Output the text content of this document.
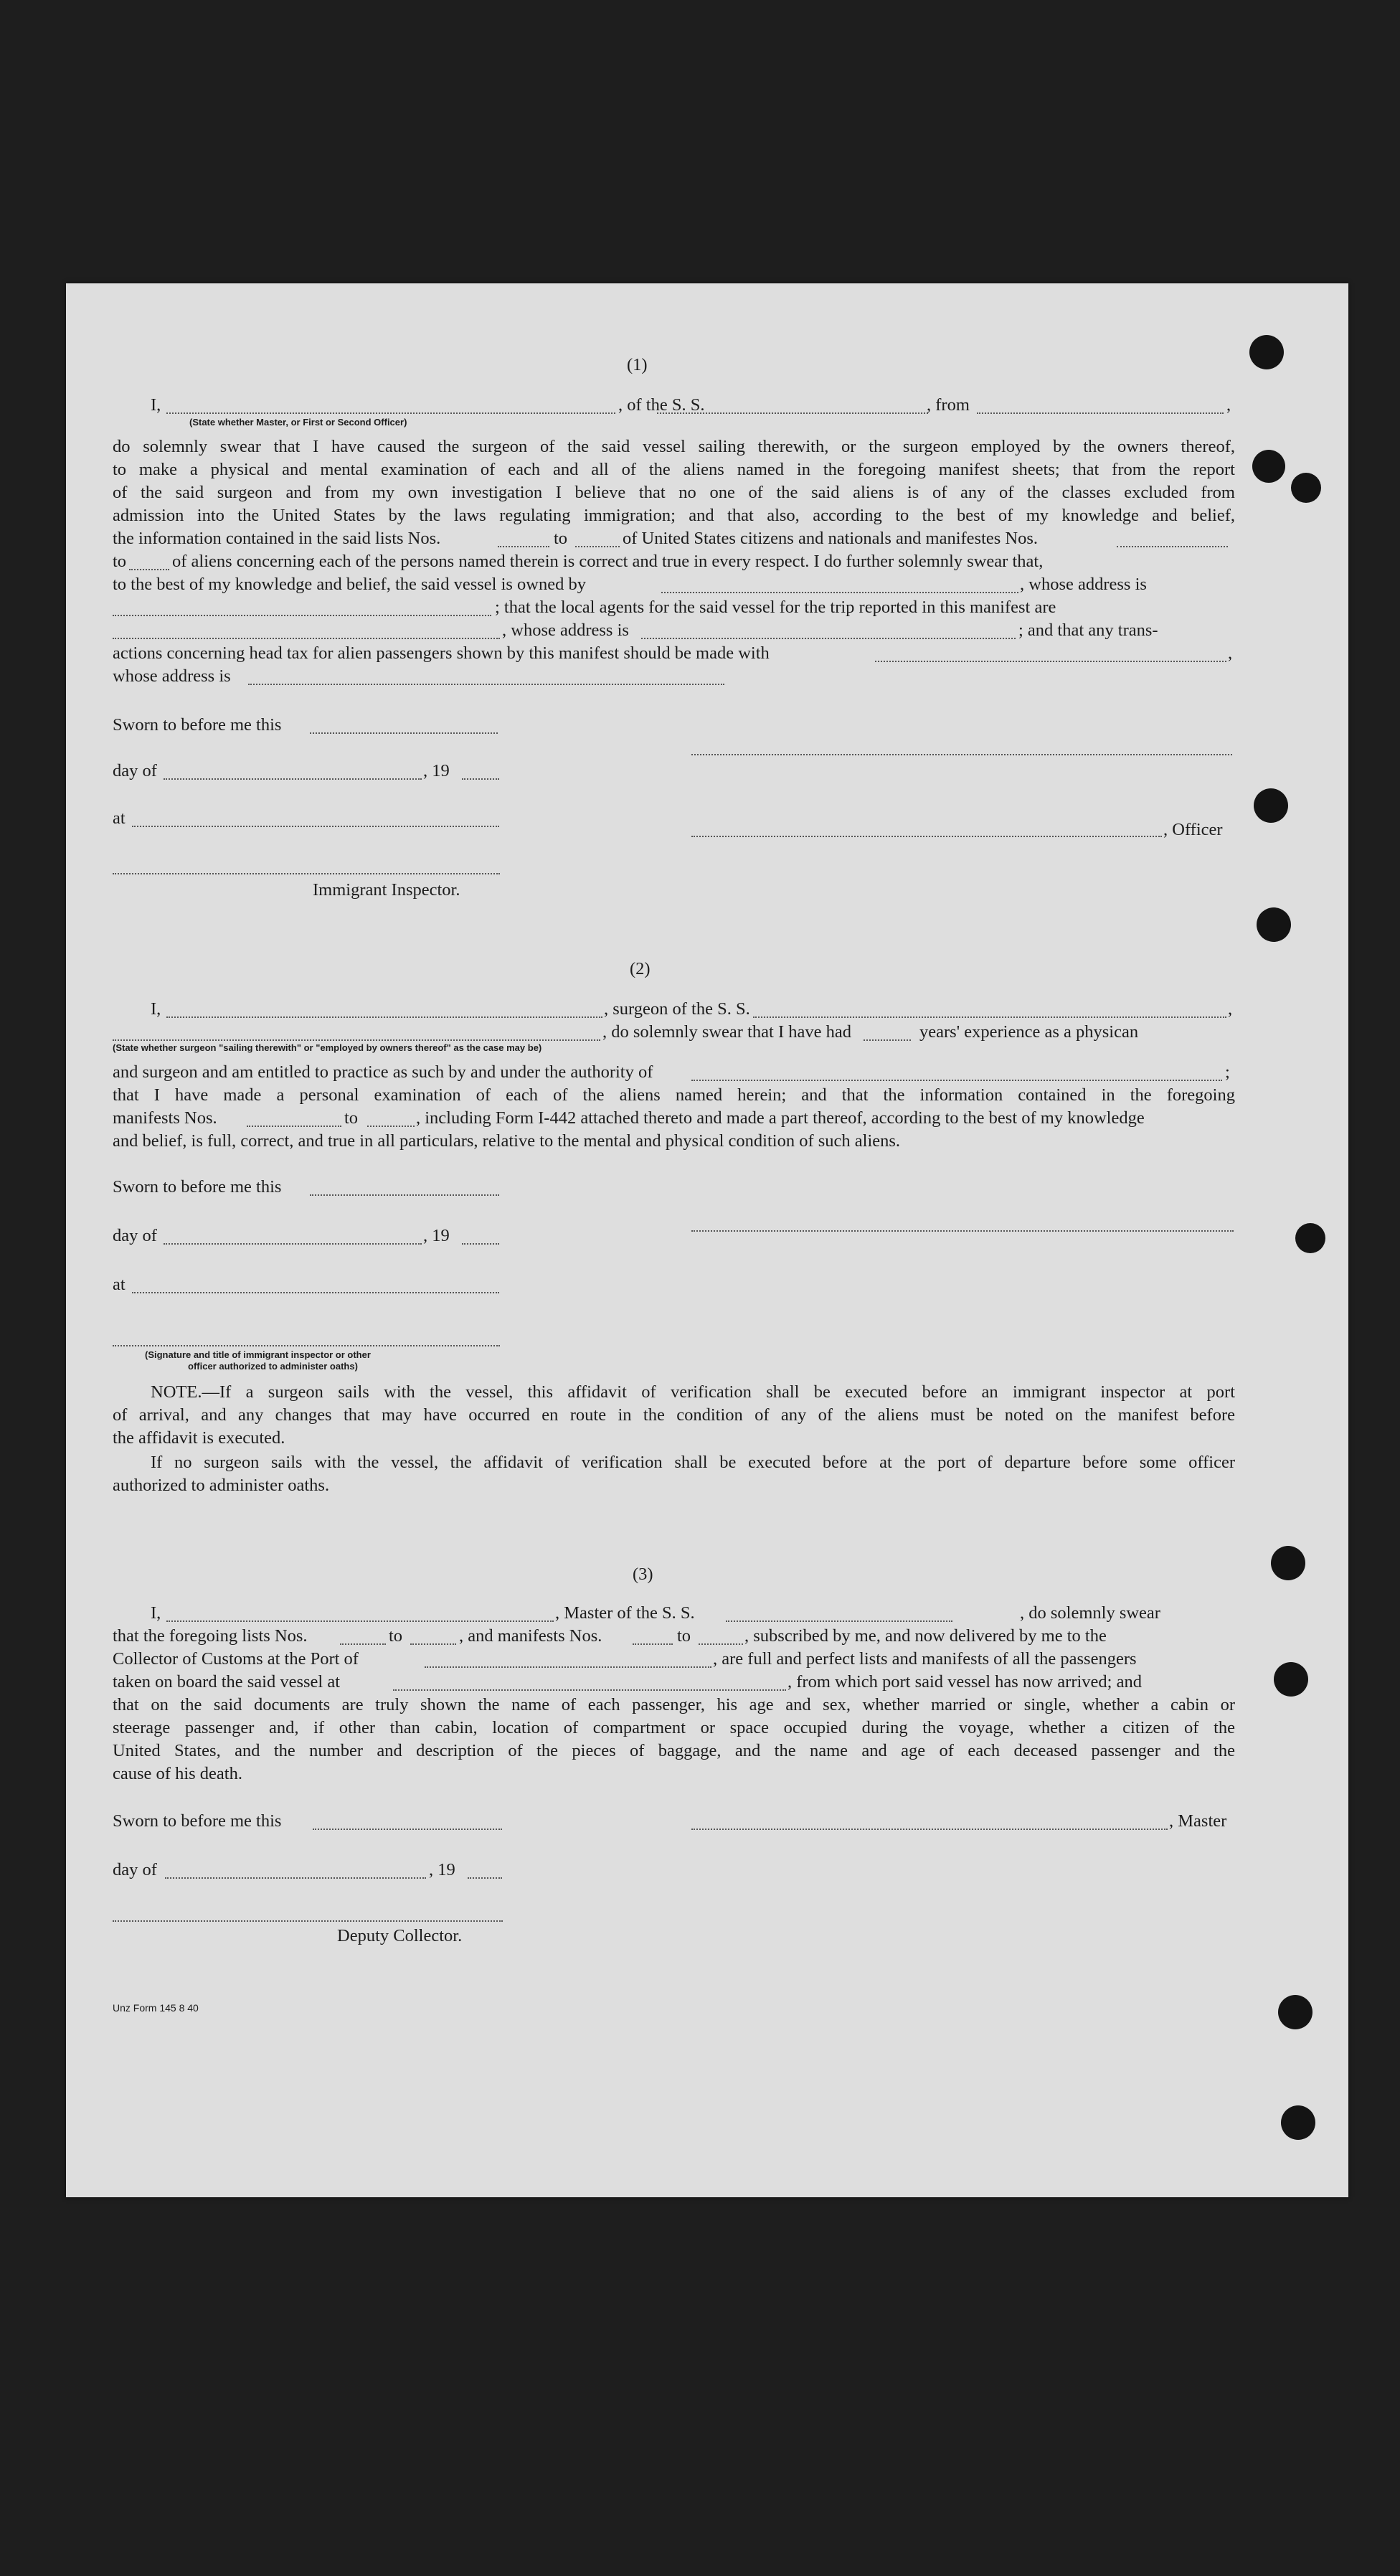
(1)
I,	, of the S. S.	, from	,
(State whether Master, or First or Second Officer)
do solemnly swear that I have caused the surgeon of the said vessel sailing therewith, or the surgeon employed by the owners thereof,
to make a physical and mental examination of each and all of the aliens named in the foregoing manifest sheets; that from the report
of the said surgeon and from my own investigation I believe that no one of the said aliens is of any of the classes excluded from
admission into the United States by the laws regulating immigration; and that also, according to the best of my knowledge and belief,
the information contained in the said lists Nos.	to	of United States citizens and nationals and manifestes Nos.
to	of aliens concerning each of the persons named therein is correct and true in every respect. I do further solemnly swear that,
to the best of my knowledge and belief, the said vessel is owned by	, whose address is
; that the local agents for the said vessel for the trip reported in this manifest are
, whose address is	; and that any trans-
actions concerning head tax for alien passengers shown by this manifest should be made with	,
whose address is
Sworn to before me this
day of	, 19
at
, Officer
Immigrant Inspector.
(2)
I,	, surgeon of the S. S.	,
, do solemnly swear that I have had	years' experience as a physican
(State whether surgeon "sailing therewith" or "employed by owners thereof" as the case may be)
and surgeon and am entitled to practice as such by and under the authority of	;
that I have made a personal examination of each of the aliens named herein; and that the information contained in the foregoing
manifests Nos.	to	, including Form I-442 attached thereto and made a part thereof, according to the best of my knowledge
and belief, is full, correct, and true in all particulars, relative to the mental and physical condition of such aliens.
Sworn to before me this
day of	, 19
at
(Signature and title of immigrant inspector or other
officer authorized to administer oaths)
NOTE.—If a surgeon sails with the vessel, this affidavit of verification shall be executed before an immigrant inspector at port
of arrival, and any changes that may have occurred en route in the condition of any of the aliens must be noted on the manifest before
the affidavit is executed.
If no surgeon sails with the vessel, the affidavit of verification shall be executed before at the port of departure before some officer
authorized to administer oaths.
(3)
I,	, Master of the S. S.	, do solemnly swear
that the foregoing lists Nos.	to	, and manifests Nos.	to	, subscribed by me, and now delivered by me to the
Collector of Customs at the Port of	, are full and perfect lists and manifests of all the passengers
taken on board the said vessel at	, from which port said vessel has now arrived; and
that on the said documents are truly shown the name of each passenger, his age and sex, whether married or single, whether a cabin or
steerage passenger and, if other than cabin, location of compartment or space occupied during the voyage, whether a citizen of the
United States, and the number and description of the pieces of baggage, and the name and age of each deceased passenger and the
cause of his death.
Sworn to before me this	, Master
day of	, 19
Deputy Collector.
Unz Form 145 8 40
